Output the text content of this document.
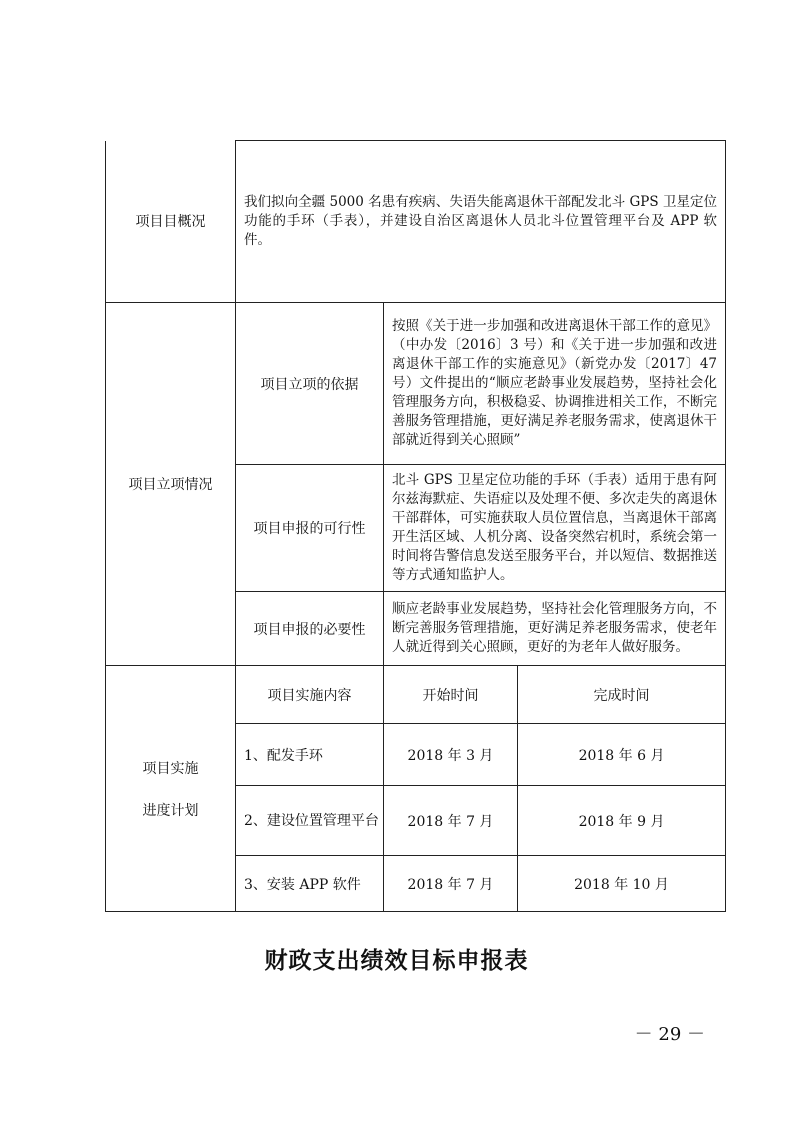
项目目概况	我们拟向全疆 5000 名患有疾病、失语失能离退休干部配发北斗 GPS 卫星定位功能的手环（手表），并建设自治区离退休人员北斗位置管理平台及 APP 软件。		
项目立项情况	项目立项的依据	按照《关于进一步加强和改进离退休干部工作的意见》（中办发〔2016〕3 号）和《关于进一步加强和改进离退休干部工作的实施意见》（新党办发〔2017〕47 号）文件提出的“顺应老龄事业发展趋势，坚持社会化管理服务方向，积极稳妥、协调推进相关工作，不断完善服务管理措施，更好满足养老服务需求，使离退休干部就近得到关心照顾”	
	项目申报的可行性	北斗 GPS 卫星定位功能的手环（手表）适用于患有阿尔兹海默症、失语症以及处理不便、多次走失的离退休干部群体，可实施获取人员位置信息，当离退休干部离开生活区域、人机分离、设备突然宕机时，系统会第一时间将告警信息发送至服务平台，并以短信、数据推送等方式通知监护人。	
	项目申报的必要性	顺应老龄事业发展趋势，坚持社会化管理服务方向，不断完善服务管理措施，更好满足养老服务需求，使老年人就近得到关心照顾，更好的为老年人做好服务。	

项目实施
进度计划	项目实施内容	开始时间	完成时间
	1、配发手环	2018 年 3 月	2018 年 6 月
	2、建设位置管理平台	2018 年 7 月	2018 年 9 月
	3、安装 APP 软件	2018 年 7 月	2018 年 10 月
财政支出绩效目标申报表
－ 29 －
